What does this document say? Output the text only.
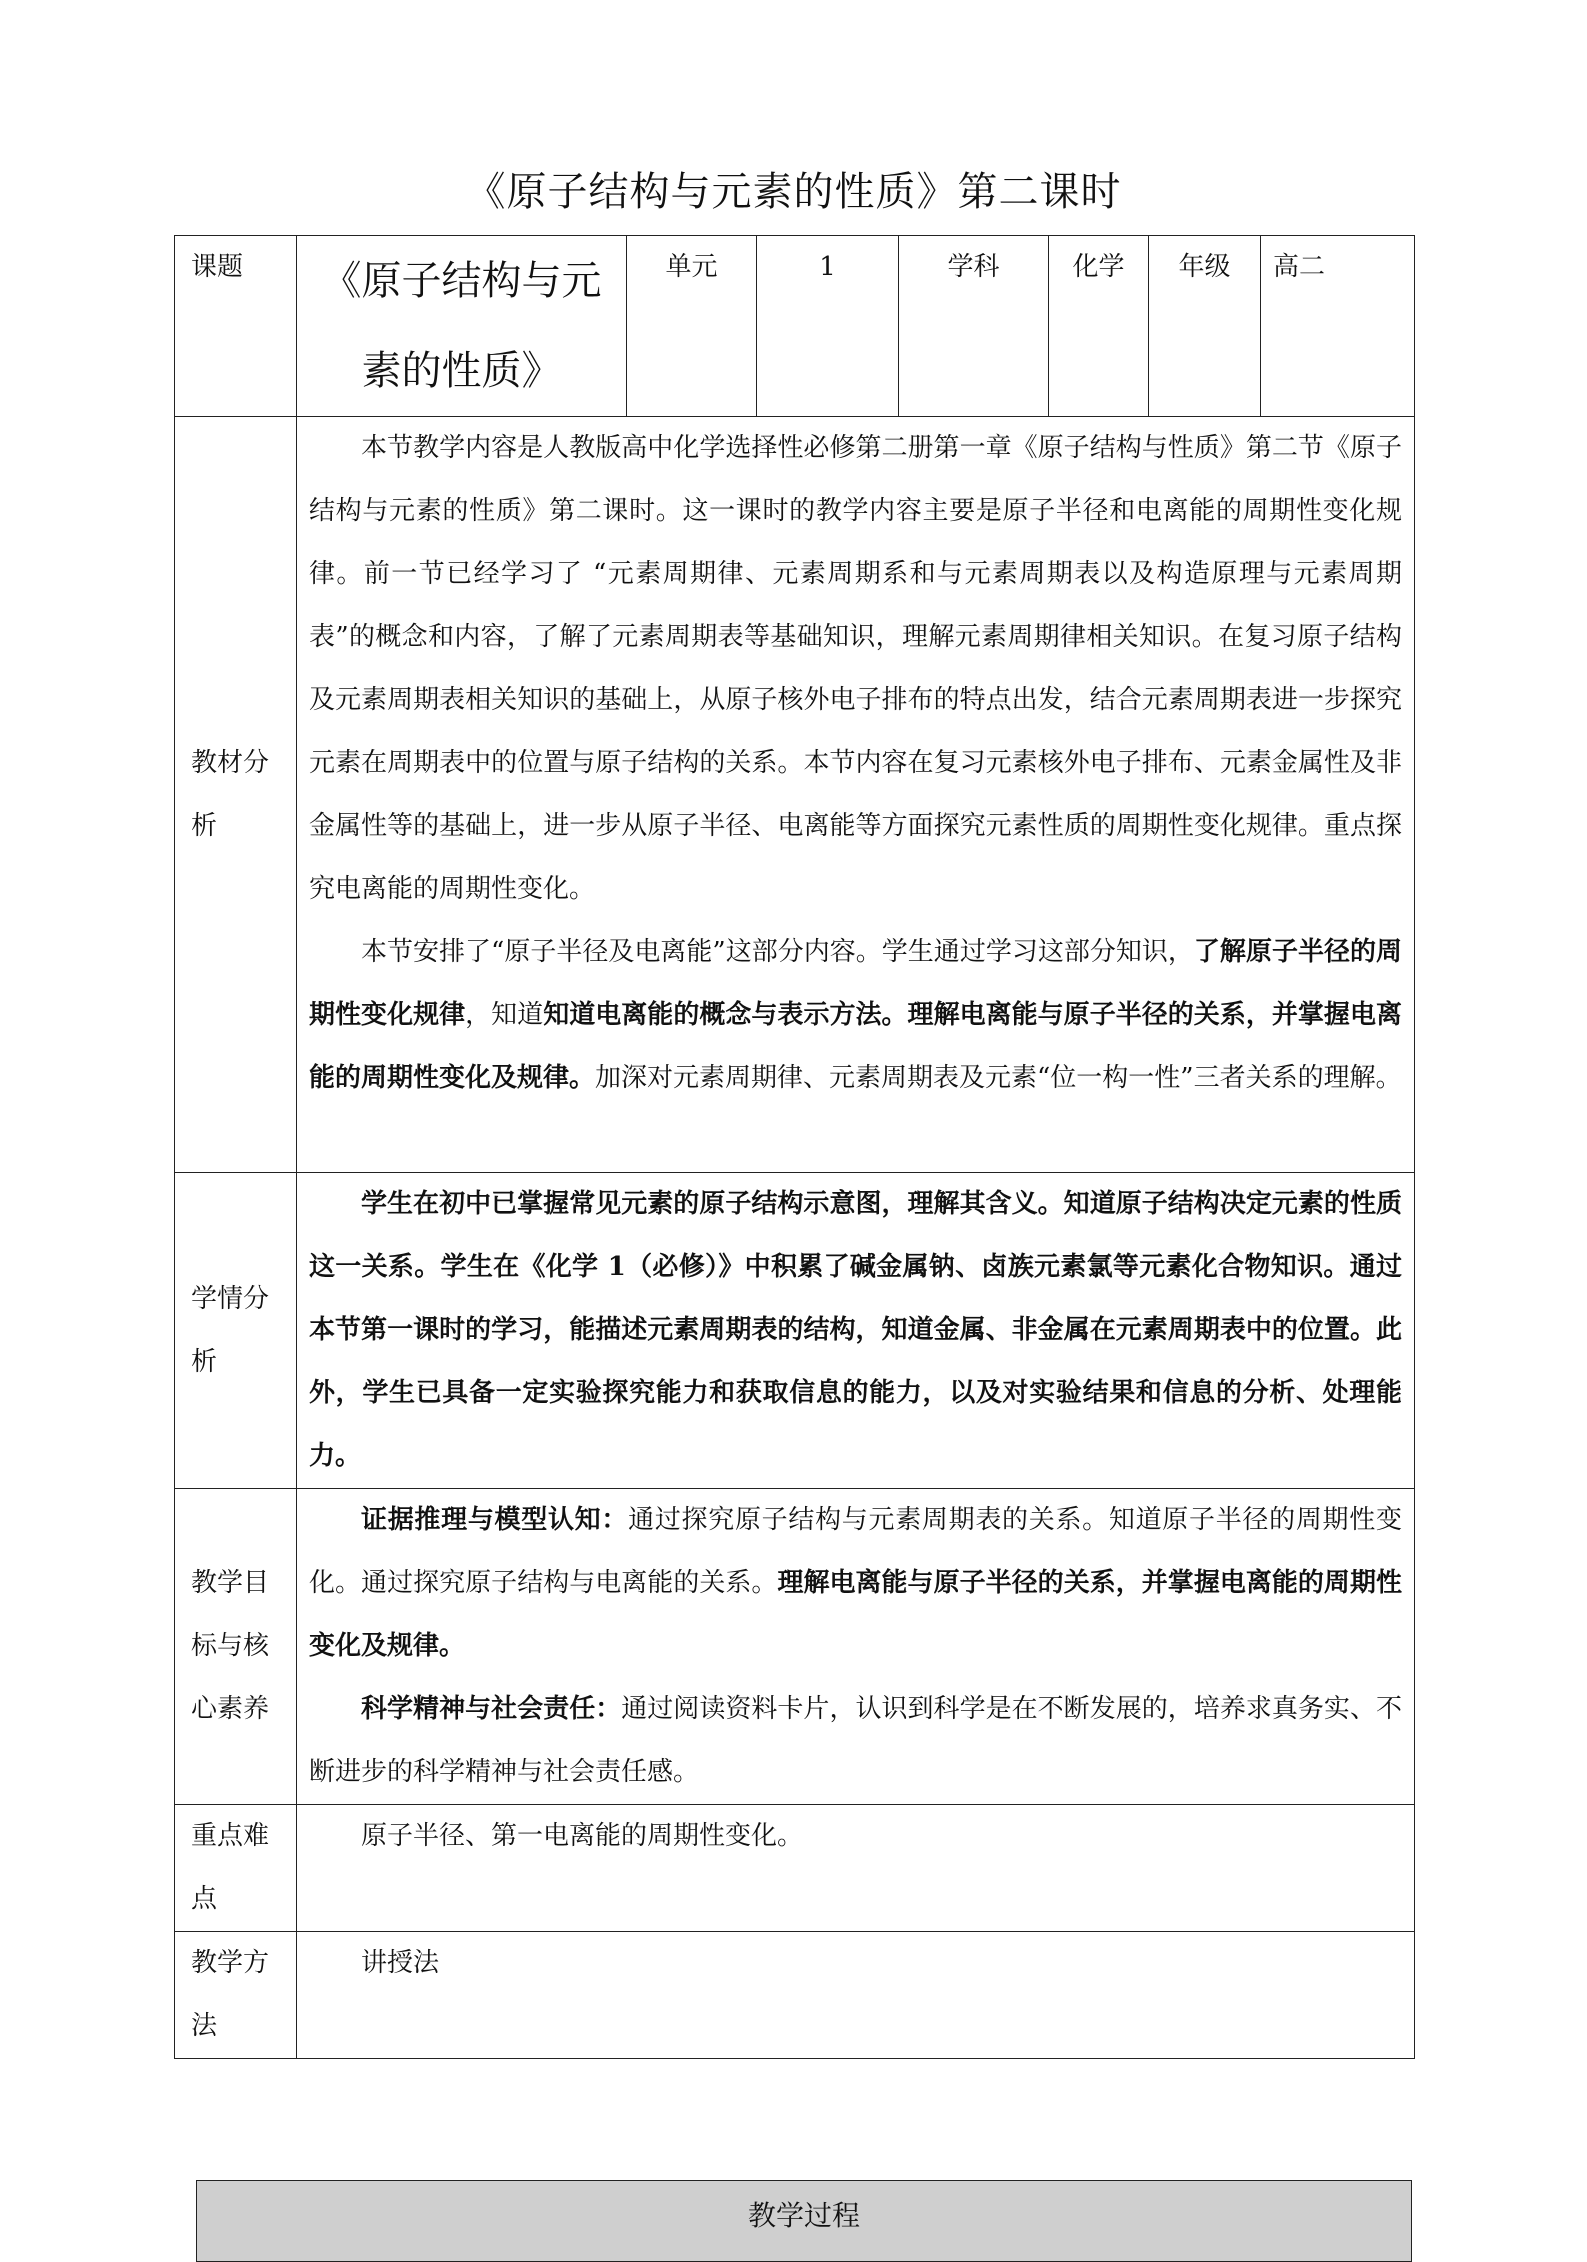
《原子结构与元素的性质》第二课时
课题	《原子结构与元素的性质》	单元	1	学科	化学	年级	高二
教材分析	本节教学内容是人教版高中化学选择性必修第二册第一章《原子结构与性质》第二节《原子结构与元素的性质》第二课时。这一课时的教学内容主要是原子半径和电离能的周期性变化规律。前一节已经学习了 “元素周期律、元素周期系和与元素周期表以及构造原理与元素周期表”的概念和内容，了解了元素周期表等基础知识，理解元素周期律相关知识。在复习原子结构及元素周期表相关知识的基础上，从原子核外电子排布的特点出发，结合元素周期表进一步探究元素在周期表中的位置与原子结构的关系。本节内容在复习元素核外电子排布、元素金属性及非金属性等的基础上，进一步从原子半径、电离能等方面探究元素性质的周期性变化规律。重点探究电离能的周期性变化。

本节安排了“原子半径及电离能”这部分内容。学生通过学习这部分知识，了解原子半径的周期性变化规律，知道知道电离能的概念与表示方法。理解电离能与原子半径的关系，并掌握电离能的周期性变化及规律。加深对元素周期律、元素周期表及元素“位一构一性”三者关系的理解。						

学情分析	学生在初中已掌握常见元素的原子结构示意图，理解其含义。知道原子结构决定元素的性质这一关系。学生在《化学 1（必修）》中积累了碱金属钠、卤族元素氯等元素化合物知识。通过本节第一课时的学习，能描述元素周期表的结构，知道金属、非金属在元素周期表中的位置。此外，学生已具备一定实验探究能力和获取信息的能力，以及对实验结果和信息的分析、处理能力。						

教学目标与核心素养	证据推理与模型认知：通过探究原子结构与元素周期表的关系。知道原子半径的周期性变化。通过探究原子结构与电离能的关系。理解电离能与原子半径的关系，并掌握电离能的周期性变化及规律。

科学精神与社会责任：通过阅读资料卡片，认识到科学是在不断发展的，培养求真务实、不断进步的科学精神与社会责任感。						

重点难点	原子半径、第一电离能的周期性变化。						

教学方法	讲授法						

教学过程
